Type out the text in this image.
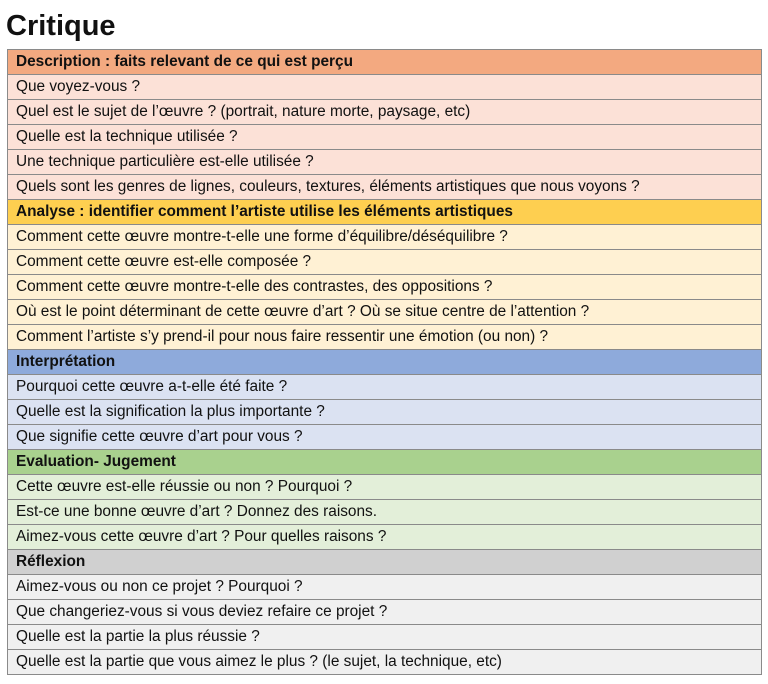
Critique
Description : faits relevant de ce qui est perçu
Que voyez-vous ?
Quel est le sujet de l’œuvre ? (portrait, nature morte, paysage, etc)
Quelle est la technique utilisée ?
Une technique particulière est-elle utilisée ?
Quels sont les genres de lignes, couleurs, textures, éléments artistiques que nous voyons ?
Analyse : identifier comment l’artiste utilise les éléments artistiques
Comment cette œuvre montre-t-elle une forme d’équilibre/déséquilibre ?
Comment cette œuvre est-elle composée ?
Comment cette œuvre montre-t-elle des contrastes, des oppositions ?
Où est le point déterminant de cette œuvre d’art ? Où se situe centre de l’attention ?
Comment l’artiste s’y prend-il pour nous faire ressentir une émotion (ou non) ?
Interprétation
Pourquoi cette œuvre a-t-elle été faite ?
Quelle est la signification la plus importante ?
Que signifie cette œuvre d’art pour vous ?
Evaluation- Jugement
Cette œuvre est-elle réussie ou non ? Pourquoi ?
Est-ce une bonne œuvre d’art ? Donnez des raisons.
Aimez-vous cette œuvre d’art ? Pour quelles raisons ?
Réflexion
Aimez-vous ou non ce projet ? Pourquoi ?
Que changeriez-vous si vous deviez refaire ce projet ?
Quelle est la partie la plus réussie ?
Quelle est la partie que vous aimez le plus ? (le sujet, la technique, etc)
